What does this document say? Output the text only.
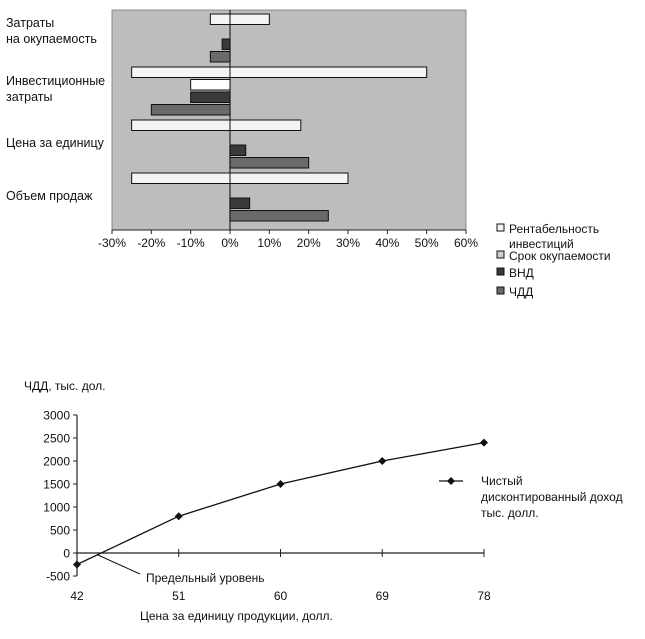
-30% -20% -10% 0% 10% 20% 30% 40% 50% 60%
Затраты
на окупаемость
Инвестиционные
затраты
Цена за единицу
Объем продаж
Рентабельность
инвестиций
Срок окупаемости
ВНД
ЧДД
ЧДД, тыс. дол.
-500
0
500
1000
1500
2000
2500
3000
42	51	60	69	78
Цена за единицу продукции, долл.
Предельный уровень
Чистый
дисконтированный доход
тыс. долл.
